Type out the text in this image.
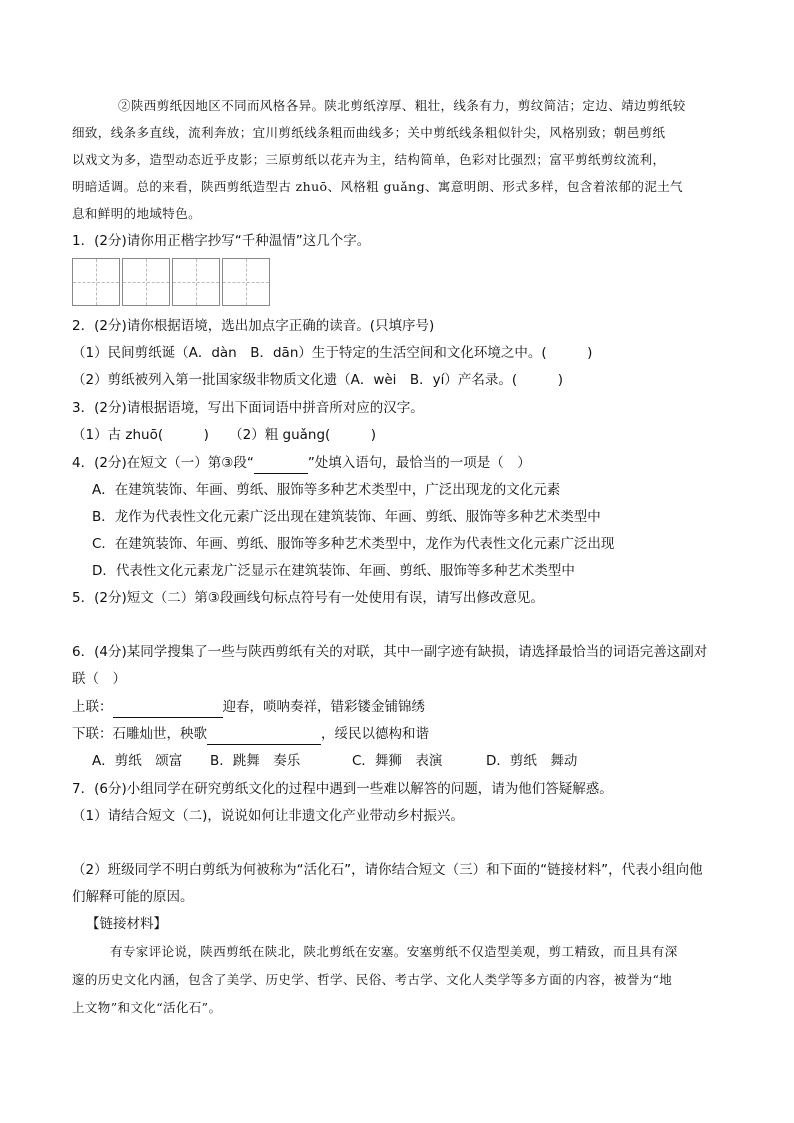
②陕西剪纸因地区不同而风格各异。陕北剪纸淳厚、粗壮，线条有力，剪纹简洁；定边、靖边剪纸较
细致，线条多直线，流利奔放；宜川剪纸线条粗而曲线多；关中剪纸线条粗似针尖，风格别致；朝邑剪纸
以戏文为多，造型动态近乎皮影；三原剪纸以花卉为主，结构简单，色彩对比强烈；富平剪纸剪纹流利，
明暗适调。总的来看，陕西剪纸造型古 zhuō、风格粗 guǎng、寓意明朗、形式多样，包含着浓郁的泥土气
息和鲜明的地域特色。
1．(2分)请你用正楷字抄写“千种温情”这几个字。
2．(2分)请你根据语境，选出加点字正确的读音。(只填序号)
（1）民间剪纸诞（A．dàn　B．dān）生于特定的生活空间和文化环境之中。(　　　)
（2）剪纸被列入第一批国家级非物质文化遗（A．wèi　B．yí）产名录。(　　　)
3．(2分)请根据语境，写出下面词语中拼音所对应的汉字。
（1）古 zhuō(　　　)　　（2）粗 guǎng(　　　)
4．(2分)在短文（一）第③段“	”处填入语句，最恰当的一项是（　）
A．在建筑装饰、年画、剪纸、服饰等多种艺术类型中，广泛出现龙的文化元素
B．龙作为代表性文化元素广泛出现在建筑装饰、年画、剪纸、服饰等多种艺术类型中
C．在建筑装饰、年画、剪纸、服饰等多种艺术类型中，龙作为代表性文化元素广泛出现
D．代表性文化元素龙广泛显示在建筑装饰、年画、剪纸、服饰等多种艺术类型中
5．(2分)短文（二）第③段画线句标点符号有一处使用有误，请写出修改意见。
6．(4分)某同学搜集了一些与陕西剪纸有关的对联，其中一副字迹有缺损，请选择最恰当的词语完善这副对
联（　）
上联：	迎春，唢呐奏祥，错彩镂金铺锦绣
下联：石雕灿世，秧歌	，绥民以德构和谐
A．剪纸　颂富 B．跳舞　奏乐	C．舞狮　表演	D．剪纸　舞动
7．(6分)小组同学在研究剪纸文化的过程中遇到一些难以解答的问题，请为他们答疑解惑。
（1）请结合短文（二)，说说如何让非遗文化产业带动乡村振兴。
（2）班级同学不明白剪纸为何被称为“活化石”，请你结合短文（三）和下面的“链接材料”，代表小组向他
们解释可能的原因。
【链接材料】
有专家评论说，陕西剪纸在陕北，陕北剪纸在安塞。安塞剪纸不仅造型美观，剪工精致，而且具有深
邃的历史文化内涵，包含了美学、历史学、哲学、民俗、考古学、文化人类学等多方面的内容，被誉为“地
上文物”和文化“活化石”。
